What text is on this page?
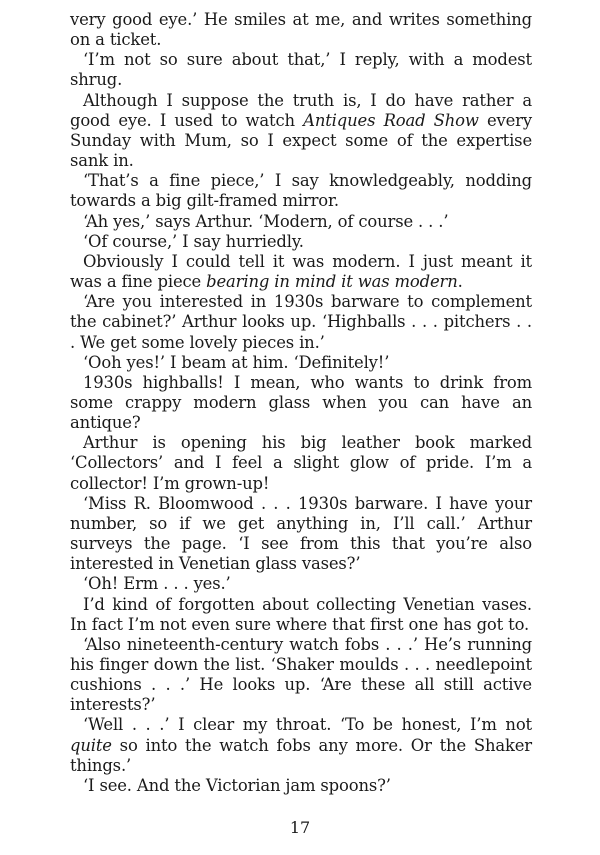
very good eye.’ He smiles at me, and writes something on a ticket.

‘I’m not so sure about that,’ I reply, with a modest shrug.

Although I suppose the truth is, I do have rather a good eye. I used to watch Antiques Road Show every Sunday with Mum, so I expect some of the expertise sank in.

‘That’s a fine piece,’ I say knowledgeably, nodding towards a big gilt-framed mirror.

‘Ah yes,’ says Arthur. ‘Modern, of course . . .’

‘Of course,’ I say hurriedly.

Obviously I could tell it was modern. I just meant it was a fine piece bearing in mind it was modern.

‘Are you interested in 1930s barware to complement the cabinet?’ Arthur looks up. ‘Highballs . . . pitchers . . . We get some lovely pieces in.’

‘Ooh yes!’ I beam at him. ‘Definitely!’

1930s highballs! I mean, who wants to drink from some crappy modern glass when you can have an antique?

Arthur is opening his big leather book marked ‘Collectors’ and I feel a slight glow of pride. I’m a collector! I’m grown-up!

‘Miss R. Bloomwood . . . 1930s barware. I have your number, so if we get anything in, I’ll call.’ Arthur surveys the page. ‘I see from this that you’re also interested in Venetian glass vases?’

‘Oh! Erm . . . yes.’

I’d kind of forgotten about collecting Venetian vases. In fact I’m not even sure where that first one has got to.

‘Also nineteenth-century watch fobs . . .’ He’s running his finger down the list. ‘Shaker moulds . . . needlepoint cushions . . .’ He looks up. ‘Are these all still active interests?’

‘Well . . .’ I clear my throat. ‘To be honest, I’m not quite so into the watch fobs any more. Or the Shaker things.’

‘I see. And the Victorian jam spoons?’

17
